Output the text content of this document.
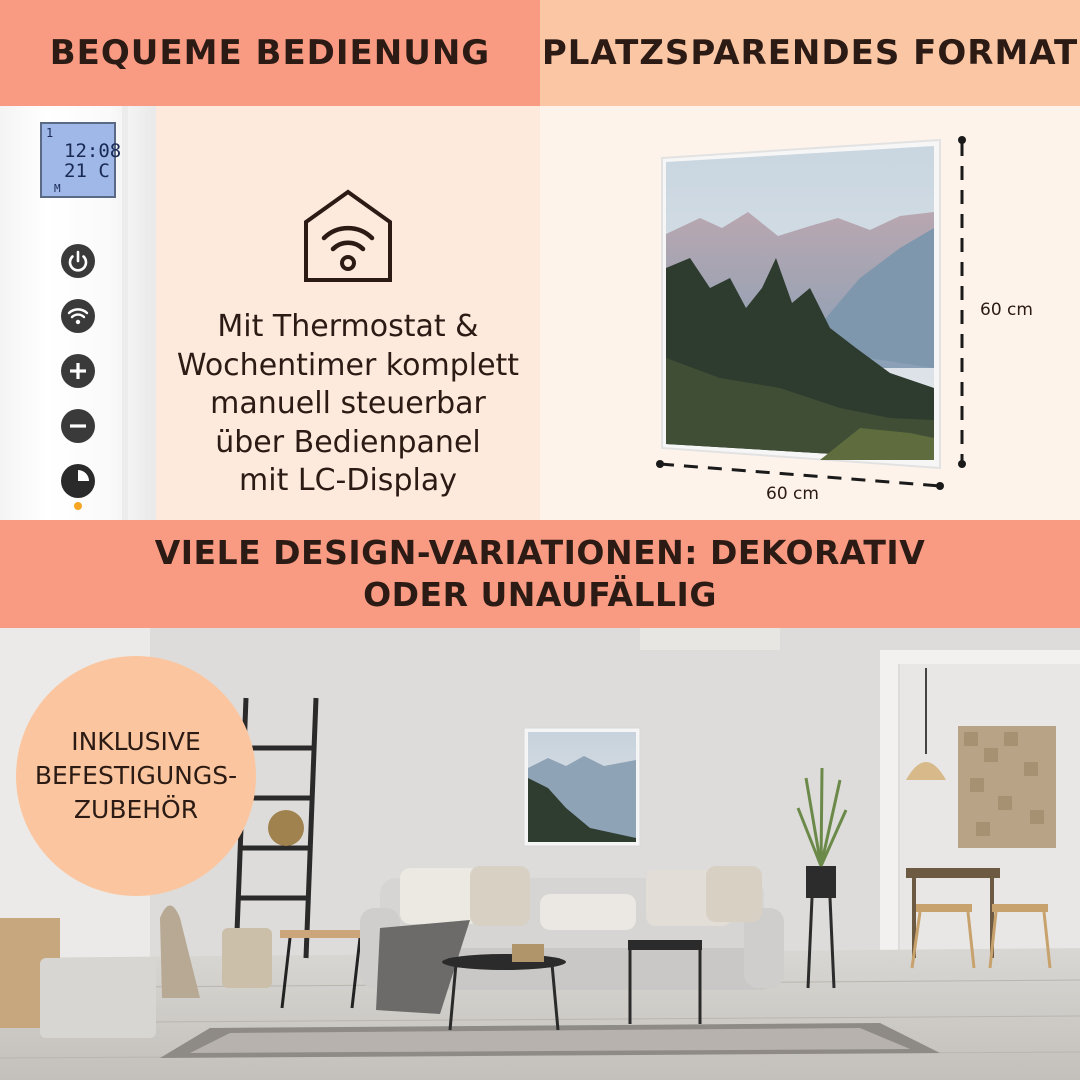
BEQUEME BEDIENUNG PLATZSPARENDES FORMAT
1
12:08
21 C
M
Mit Thermostat &
Wochentimer komplett
manuell steuerbar
über Bedienpanel
mit LC-Display
60 cm
60 cm
VIELE DESIGN-VARIATIONEN: DEKORATIV ODER UNAUFÄLLIG
INKLUSIVE
BEFESTIGUNGS-
ZUBEHÖR
